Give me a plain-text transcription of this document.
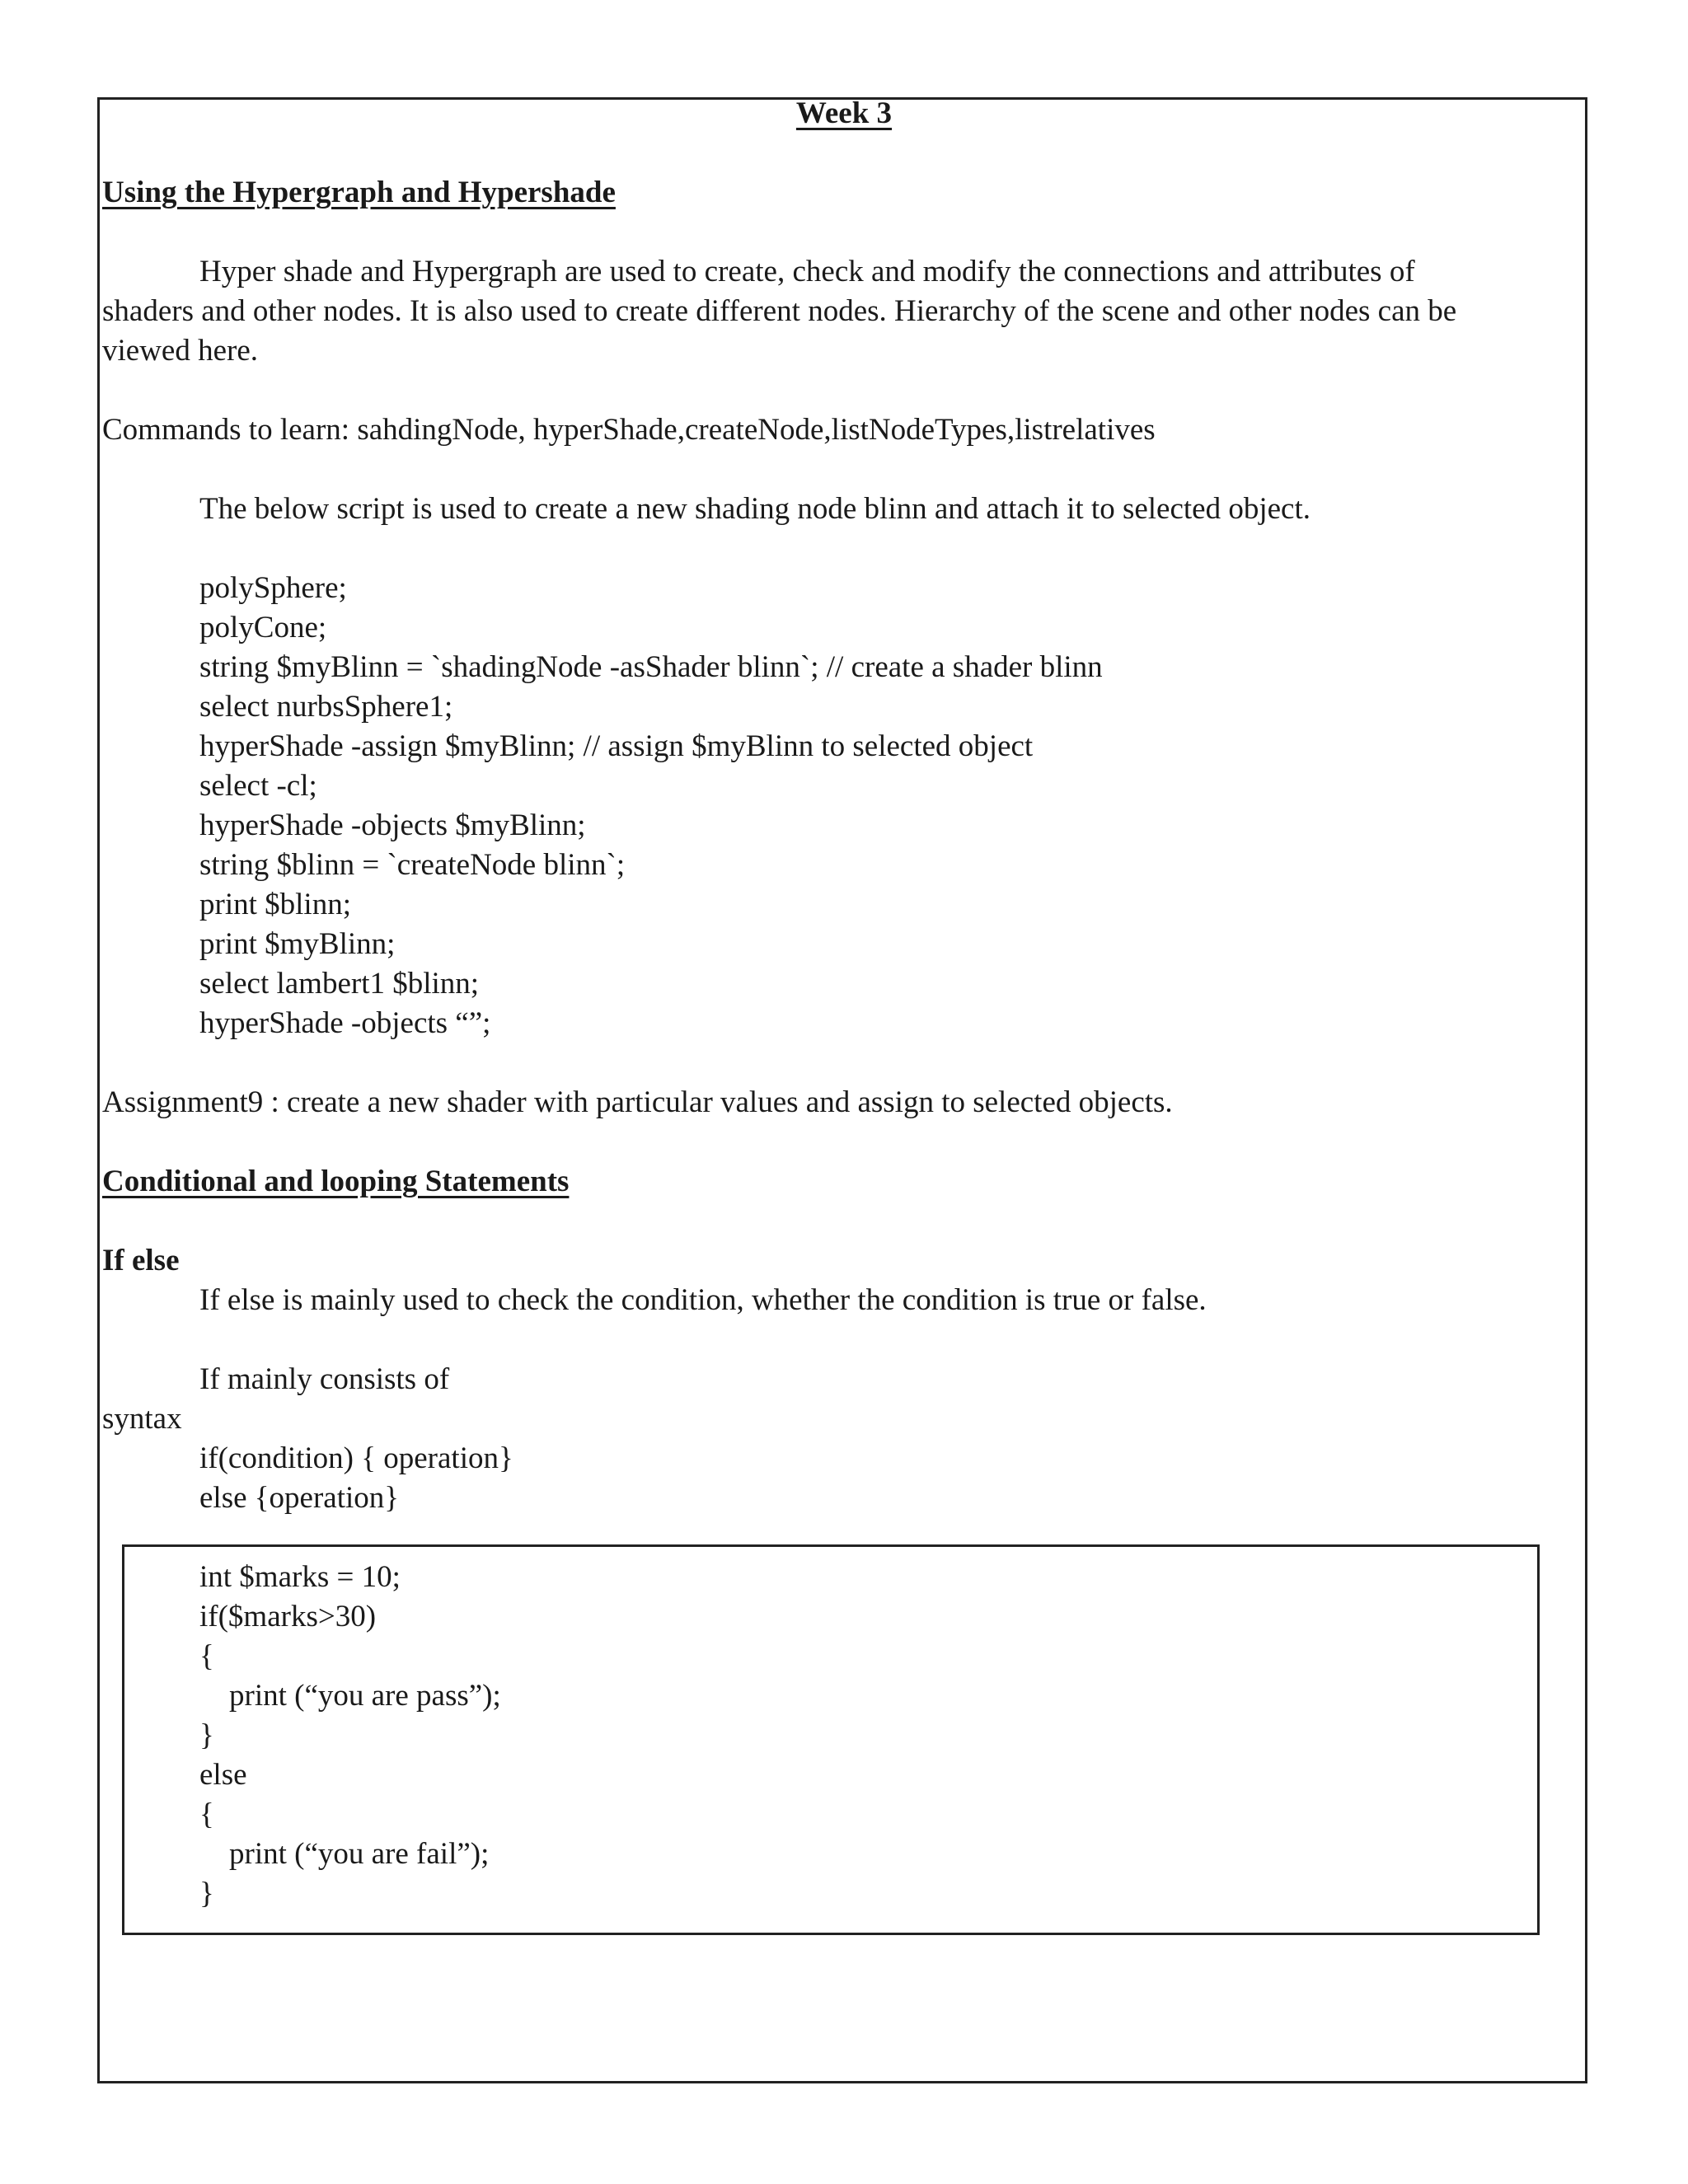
Week 3
Using the Hypergraph and Hypershade
Hyper shade and Hypergraph are used to create, check and modify the connections and attributes of
shaders and other nodes. It is also used to create different nodes. Hierarchy of the scene and other nodes can be
viewed here.
Commands to learn: sahdingNode, hyperShade,createNode,listNodeTypes,listrelatives
The below script is used to create a new shading node blinn and attach it to selected object.
polySphere;
polyCone;
string $myBlinn = `shadingNode -asShader blinn`; // create a shader blinn
select nurbsSphere1;
hyperShade -assign $myBlinn; // assign $myBlinn to selected object
select -cl;
hyperShade -objects $myBlinn;
string $blinn = `createNode blinn`;
print $blinn;
print $myBlinn;
select lambert1 $blinn;
hyperShade -objects “”;
Assignment9 : create a new shader with particular values and assign to selected objects.
Conditional and looping Statements
If else
If else is mainly used to check the condition, whether the condition is true or false.
If mainly consists of
syntax
if(condition) { operation}
else {operation}
int $marks = 10;
if($marks>30)
{
print (“you are pass”);
}
else
{
print (“you are fail”);
}
